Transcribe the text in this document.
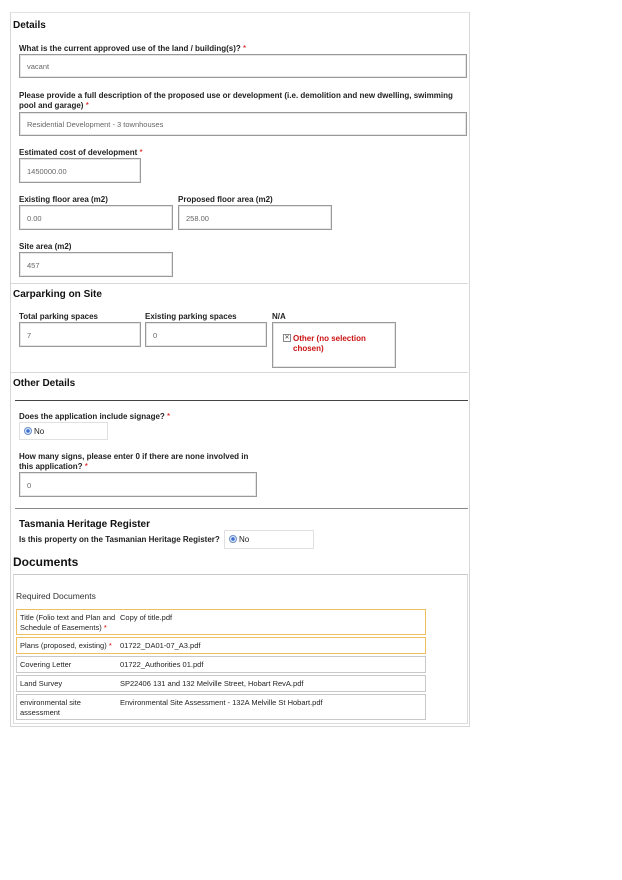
Details
What is the current approved use of the land / building(s)? *
vacant
Please provide a full description of the proposed use or development (i.e. demolition and new dwelling, swimming pool and garage) *
Residential Development - 3 townhouses
Estimated cost of development *
1450000.00
Existing floor area (m2)
0.00
Proposed floor area (m2)
258.00
Site area (m2)
457
Carparking on Site
Total parking spaces
7
Existing parking spaces
0
N/A
✕ Other (no selection chosen)
Other Details
Does the application include signage? *
No
How many signs, please enter 0 if there are none involved in this application? *
0
Tasmania Heritage Register
Is this property on the Tasmanian Heritage Register? No
Documents
Required Documents
Title (Folio text and Plan and Schedule of Easements) *
Copy of title.pdf
Plans (proposed, existing) * 01722_DA01-07_A3.pdf
Covering Letter	01722_Authorities 01.pdf
Land Survey	SP22406 131 and 132 Melville Street, Hobart RevA.pdf
environmental site assessment
Environmental Site Assessment - 132A Melville St Hobart.pdf
